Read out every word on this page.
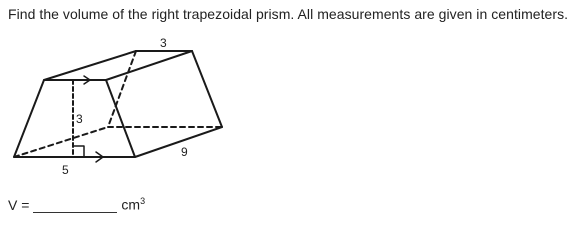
Find the volume of the right trapezoidal prism. All measurements are given in centimeters.
3
3
5
9
V =	$cm^3$
